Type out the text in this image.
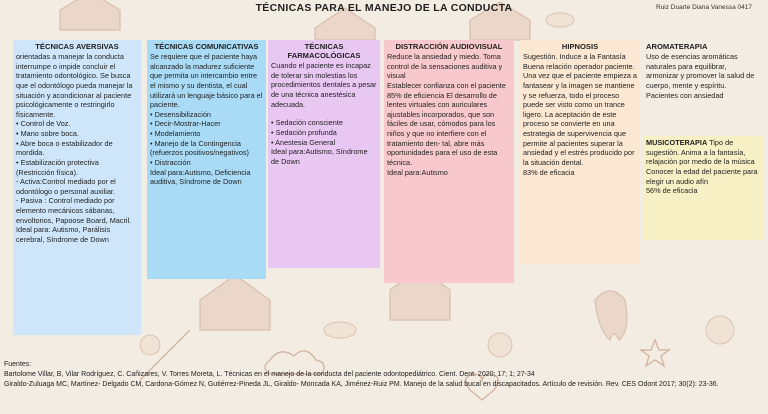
TÉCNICAS PARA EL MANEJO DE LA CONDUCTA	Ruiz Duarte Diana Vanessa 0417
TÉCNICAS AVERSIVAS

orientadas a manejar la conducta interrumpe o impide concluir el tratamiento odontológico. Se busca que el odontólogo pueda manejar la situación y acondicionar al paciente psicológicamente o restringirlo físicamente.

• Control de Voz.

• Mano sobre boca.

• Abre boca o estabilizador de mordida.

• Estabilización protectiva (Restricción física).

- Activa:Control mediado por el odontólogo o personal auxiliar.

- Pasiva : Control mediado por elemento mecánicos sábanas, envoltorios, Papoose Board, Macril.

Ideal para: Autismo, Parálisis cerebral, Síndrome de Down

TÉCNICAS COMUNICATIVAS

Se requiere que el paciente haya alcanzado la madurez suficiente que permita un intercambio entre el mismo y su dentista, el cual utilizará un lenguaje básico para el paciente.

• Desensibilización

• Decir-Mostrar-Hacer

• Modelamiento

• Manejo de la Contingencia (refuerzos positivos/negativos)

• Distracción

Ideal para:Autismo, Deficiencia auditiva, Síndrome de Down

TÉCNICAS FARMACOLÓGICAS

Cuando el paciente es incapaz de tolerar sin molestias los procedimientos dentales a pesar de una técnica anestésica adecuada.

• Sedación consciente

• Sedación profunda

• Anestesia General

Ideal para:Autismo, Síndrome de Down

DISTRACCIÓN AUDIOVISUAL

Reduce la ansiedad y miedo. Toma control de la sensaciones auditiva y visual

Establecer confianza con el paciente

85% de eficiencia El desarrollo de lentes virtuales con auriculares ajustables incorporados, que son fáciles de usar, cómodos para los niños y que no interfiere con el tratamiento den- tal, abre más oportunidades para el uso de esta técnica.

Ideal para:Autismo

HIPNOSIS

Sugestión. Induce a la Fantasía Buena relación operador paciente. Una vez que el paciente empieza a fantasear y la imagen se mantiene y se refuerza, todo el proceso puede ser visto como un trance ligero. La aceptación de este proceso se convierte en una estrategia de supervivencia que permite al pacientes superar la ansiedad y el estrés producido por la situación dental.

83% de eficacia

AROMATERAPIA

Uso de esencias aromáticas naturales para equilibrar, armonizar y promover la salud de cuerpo, mente y espíritu. Pacientes con ansiedad

MUSICOTERAPIA Tipo de sugestión. Anima a la fantasía, relajación por medio de la música Conocer la edad del paciente para elegir un audio afín

56% de eficacia

Fuentes:

Bartolome Villar, B, Vilar Rodríguez, C. Cañizares, V. Torres Moreta, L. Técnicas en el manejo de la conducta del paciente odontopediátrico. Cient. Dent. 2020; 17; 1; 27-34

Giraldo-Zuluaga MC, Martínez- Delgado CM, Cardona-Gómez N, Gutiérrez-Pineda JL, Giraldo- Moncada KA, Jiménez-Ruiz PM. Manejo de la salud bucal en discapacitados. Artículo de revisión. Rev. CES Odont 2017; 30(2): 23-36.
